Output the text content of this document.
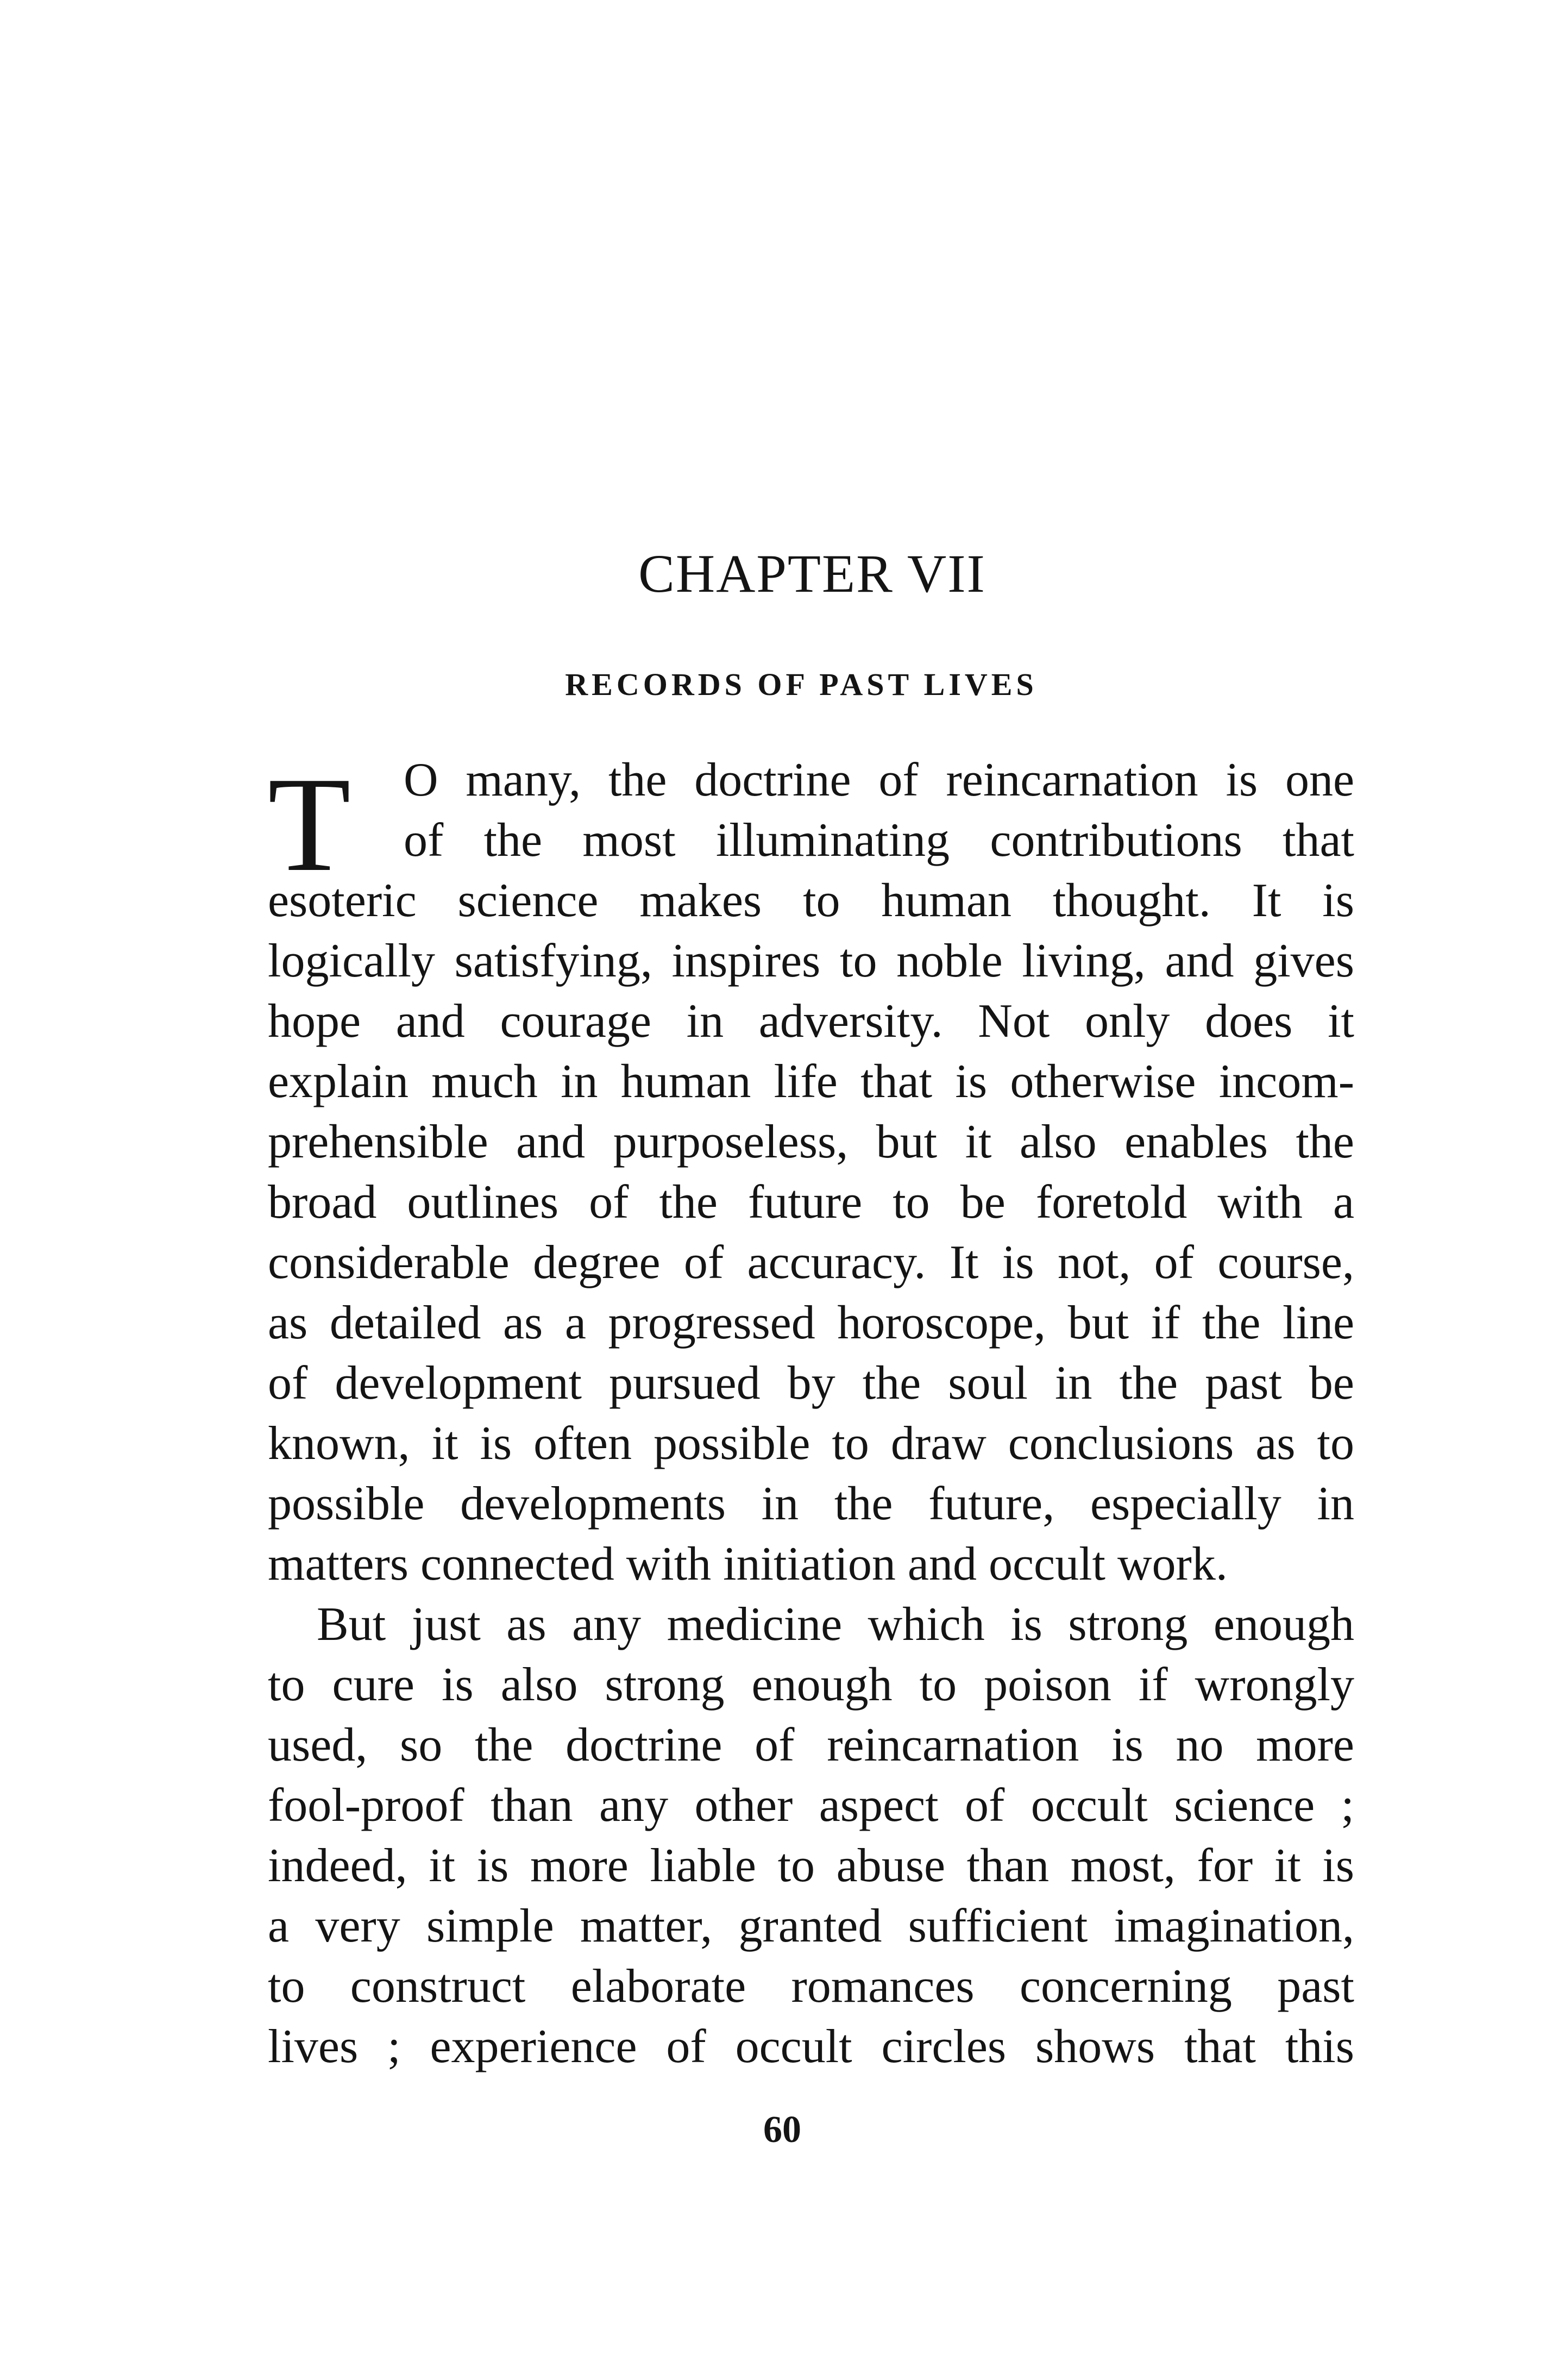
CHAPTER VII
RECORDS OF PAST LIVES
T	O many, the doctrine of reincarnation is one
of the most illuminating contributions that
esoteric science makes to human thought. It is
logically satisfying, inspires to noble living, and gives
hope and courage in adversity. Not only does it
explain much in human life that is otherwise incom-
prehensible and purposeless, but it also enables the
broad outlines of the future to be foretold with a
considerable degree of accuracy. It is not, of course,
as detailed as a progressed horoscope, but if the line
of development pursued by the soul in the past be
known, it is often possible to draw conclusions as to
possible developments in the future, especially in
matters connected with initiation and occult work.
But just as any medicine which is strong enough
to cure is also strong enough to poison if wrongly
used, so the doctrine of reincarnation is no more
fool-proof than any other aspect of occult science ;
indeed, it is more liable to abuse than most, for it is
a very simple matter, granted sufficient imagination,
to construct elaborate romances concerning past
lives ; experience of occult circles shows that this

60
